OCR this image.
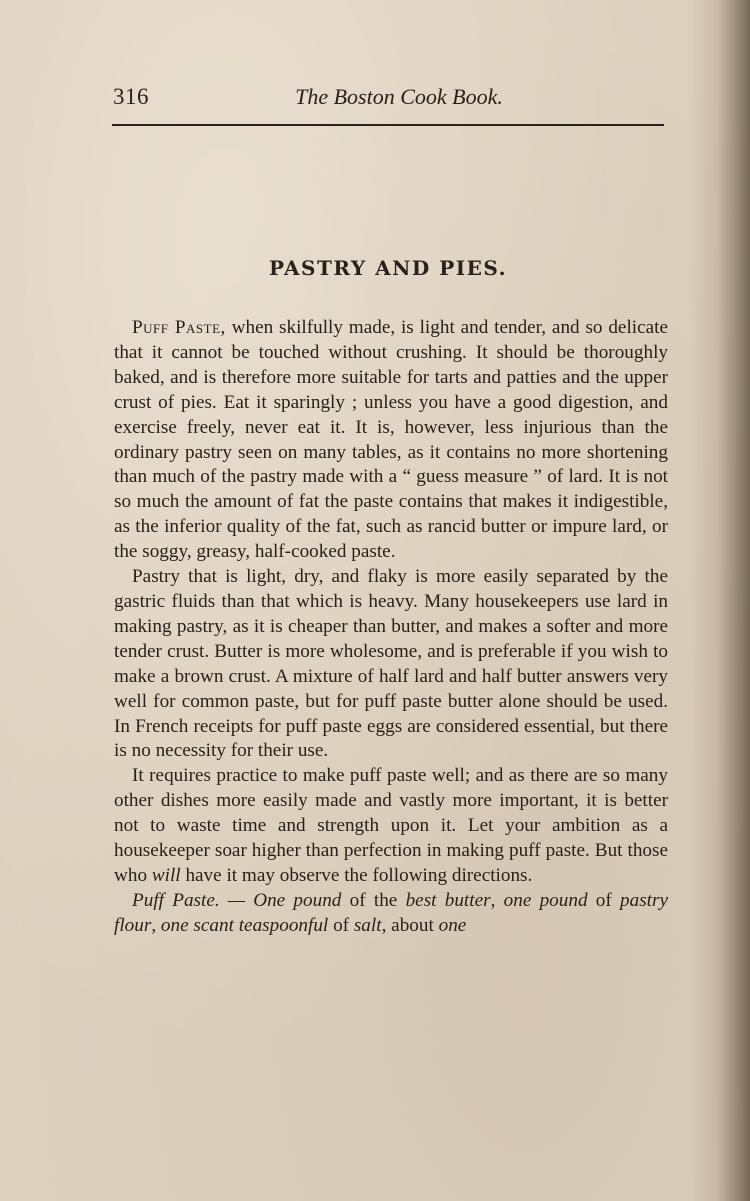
316	The Boston Cook Book.
PASTRY AND PIES.

Puff Paste, when skilfully made, is light and tender, and so delicate that it cannot be touched without crushing. It should be thoroughly baked, and is therefore more suitable for tarts and patties and the upper crust of pies. Eat it sparingly ; unless you have a good digestion, and exercise freely, never eat it. It is, however, less injurious than the ordinary pastry seen on many tables, as it contains no more shortening than much of the pastry made with a “ guess measure ” of lard. It is not so much the amount of fat the paste contains that makes it indigestible, as the inferior quality of the fat, such as rancid butter or impure lard, or the soggy, greasy, half-cooked paste.

Pastry that is light, dry, and flaky is more easily separated by the gastric fluids than that which is heavy. Many housekeepers use lard in making pastry, as it is cheaper than butter, and makes a softer and more tender crust. Butter is more wholesome, and is preferable if you wish to make a brown crust. A mixture of half lard and half butter answers very well for common paste, but for puff paste butter alone should be used. In French receipts for puff paste eggs are considered essential, but there is no necessity for their use.

It requires practice to make puff paste well; and as there are so many other dishes more easily made and vastly more important, it is better not to waste time and strength upon it. Let your ambition as a housekeeper soar higher than perfection in making puff paste. But those who will have it may observe the following directions.

Puff Paste. — One pound of the best butter, one pound of pastry flour, one scant teaspoonful of salt, about one
